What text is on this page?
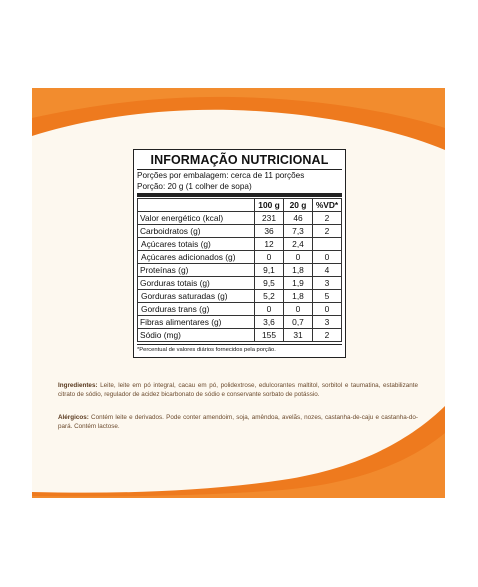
INFORMAÇÃO NUTRICIONAL
Porções por embalagem: cerca de 11 porções
Porção: 20 g (1 colher de sopa)
	100 g	20 g	%VD*
Valor energético (kcal)	231	46	2
Carboidratos (g)	36	7,3	2
Açúcares totais (g)	12	2,4	
Açúcares adicionados (g)	0	0	0
Proteínas (g)	9,1	1,8	4
Gorduras totais (g)	9,5	1,9	3
Gorduras saturadas (g)	5,2	1,8	5
Gorduras trans (g)	0	0	0
Fibras alimentares (g)	3,6	0,7	3
Sódio (mg)	155	31	2
*Percentual de valores diários fornecidos pela porção.
Ingredientes: Leite, leite em pó integral, cacau em pó, polidextrose, edulcorantes maltitol, sorbitol e taumatina, estabilizante citrato de sódio, regulador de acidez bicarbonato de sódio e conservante sorbato de potássio.
Alérgicos: Contém leite e derivados. Pode conter amendoim, soja, amêndoa, avelãs, nozes, castanha-de-caju e castanha-do-pará. Contém lactose.
